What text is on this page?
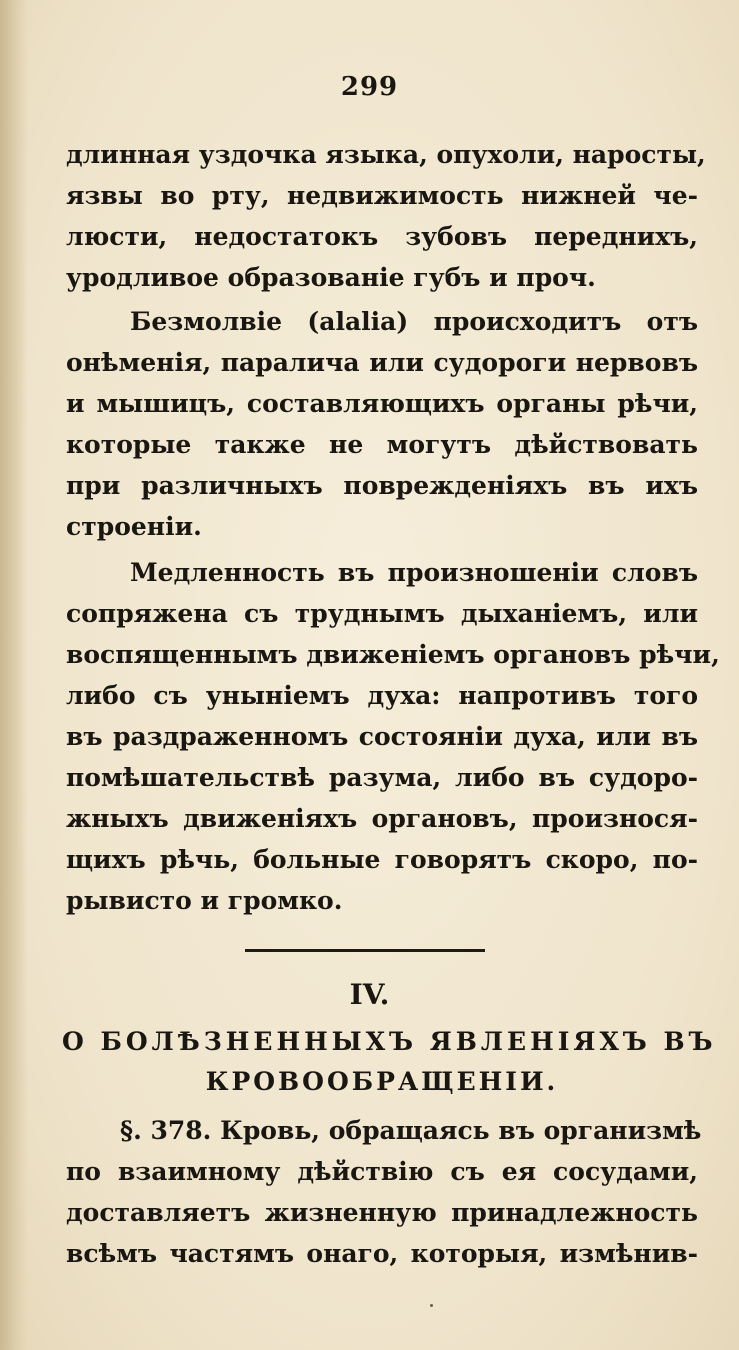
299
длинная уздочка языка, опухоли, наросты,
язвы во рту, недвижимость нижней че-
люсти, недостатокъ зубовъ переднихъ,
уродливое образованіе губъ и проч.
Безмолвіе (alalia) происходитъ отъ
онѣменія, паралича или судороги нервовъ
и мышицъ, составляющихъ органы рѣчи,
которые также не могутъ дѣйствовать
при различныхъ поврежденіяхъ въ ихъ
строеніи.
Медленность въ произношеніи словъ
сопряжена съ труднымъ дыханіемъ, или
воспященнымъ движеніемъ органовъ рѣчи,
либо съ уныніемъ духа: напротивъ того
въ раздраженномъ состояніи духа, или въ
помѣшательствѣ разума, либо въ судоро-
жныхъ движеніяхъ органовъ, произнося-
щихъ рѣчь, больные говорятъ скоро, по-
рывисто и громко.
IV.
О БОЛѢЗНЕННЫХЪ ЯВЛЕНІЯХЪ ВЪ
КРОВООБРАЩЕНІИ.
§. 378. Кровь, обращаясь въ организмѣ
по взаимному дѣйствію съ ея сосудами,
доставляетъ жизненную принадлежность
всѣмъ частямъ онаго, которыя, измѣнив-
